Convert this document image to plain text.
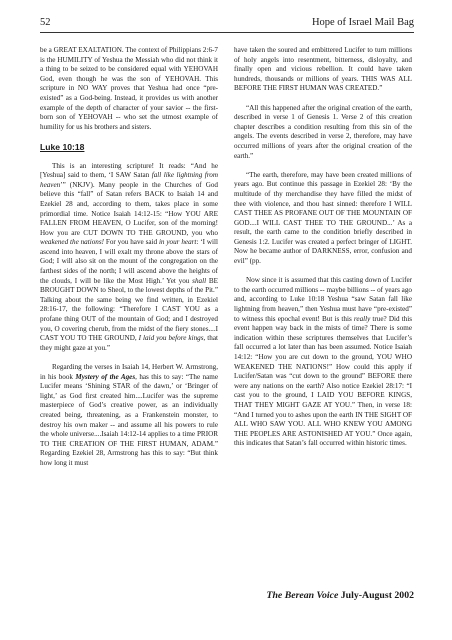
52	Hope of Israel Mail Bag

be a GREAT EXALTATION. The context of Philippians 2:6-7 is the HUMILITY of Yeshua the Messiah who did not think it a thing to be seized to be considered equal with YEHOVAH God, even though he was the son of YEHOVAH. This scripture in NO WAY proves that Yeshua had once “pre-existed” as a God-being. Instead, it provides us with another example of the depth of character of your savior -- the first-born son of YEHOVAH -- who set the utmost example of humility for us his brothers and sisters.

Luke 10:18

This is an interesting scripture! It reads: “And he [Yeshua] said to them, ‘I SAW Satan fall like lightning from heaven’” (NKJV). Many people in the Churches of God believe this “fall” of Satan refers BACK to Isaiah 14 and Ezekiel 28 and, according to them, takes place in some primordial time. Notice Isaiah 14:12-15: “How YOU ARE FALLEN FROM HEAVEN, O Lucifer, son of the morning! How you are CUT DOWN TO THE GROUND, you who weakened the nations! For you have said in your heart: ‘I will ascend into heaven, I will exalt my throne above the stars of God; I will also sit on the mount of the congregation on the farthest sides of the north; I will ascend above the heights of the clouds, I will be like the Most High.’ Yet you shall BE BROUGHT DOWN to Sheol, to the lowest depths of the Pit.” Talking about the same being we find written, in Ezekiel 28:16-17, the following: “Therefore I CAST YOU as a profane thing OUT of the mountain of God; and I destroyed you, O covering cherub, from the midst of the fiery stones....I CAST YOU TO THE GROUND, I laid you before kings, that they might gaze at you.”

Regarding the verses in Isaiah 14, Herbert W. Armstrong, in his book Mystery of the Ages, has this to say: “The name Lucifer means ‘Shining STAR of the dawn,’ or ‘Bringer of light,’ as God first created him....Lucifer was the supreme masterpiece of God’s creative power, as an individually created being, threatening, as a Frankenstein monster, to destroy his own maker -- and assume all his powers to rule the whole universe....Isaiah 14:12-14 applies to a time PRIOR TO THE CREATION OF THE FIRST HUMAN, ADAM.” Regarding Ezekiel 28, Armstrong has this to say: “But think how long it must

have taken the soured and embittered Lucifer to turn millions of holy angels into resentment, bitterness, disloyalty, and finally open and vicious rebellion. It could have taken hundreds, thousands or millions of years. THIS WAS ALL BEFORE THE FIRST HUMAN WAS CREATED.”

“All this happened after the original creation of the earth, described in verse 1 of Genesis 1. Verse 2 of this creation chapter describes a condition resulting from this sin of the angels. The events described in verse 2, therefore, may have occurred millions of years after the original creation of the earth.”

“The earth, therefore, may have been created millions of years ago. But continue this passage in Ezekiel 28: ‘By the multitude of thy merchandise they have filled the midst of thee with violence, and thou hast sinned: therefore I WILL CAST THEE AS PROFANE OUT OF THE MOUNTAIN OF GOD....I WILL CAST THEE TO THE GROUND...’ As a result, the earth came to the condition briefly described in Genesis 1:2. Lucifer was created a perfect bringer of LIGHT. Now he became author of DARKNESS, error, confusion and evil” (pp.

Now since it is assumed that this casting down of Lucifer to the earth occurred millions -- maybe billions -- of years ago and, according to Luke 10:18 Yeshua “saw Satan fall like lightning from heaven,” then Yeshua must have “pre-existed” to witness this epochal event! But is this really true? Did this event happen way back in the mists of time? There is some indication within these scriptures themselves that Lucifer’s fall occurred a lot later than has been assumed. Notice Isaiah 14:12: “How you are cut down to the ground, YOU WHO WEAKENED THE NATIONS!” How could this apply if Lucifer/Satan was “cut down to the ground” BEFORE there were any nations on the earth? Also notice Ezekiel 28:17: “I cast you to the ground, I LAID YOU BEFORE KINGS, THAT THEY MIGHT GAZE AT YOU.” Then, in verse 18: “And I turned you to ashes upon the earth IN THE SIGHT OF ALL WHO SAW YOU. ALL WHO KNEW YOU AMONG THE PEOPLES ARE ASTONISHED AT YOU.” Once again, this indicates that Satan’s fall occurred within historic times.

The Berean Voice July-August 2002
